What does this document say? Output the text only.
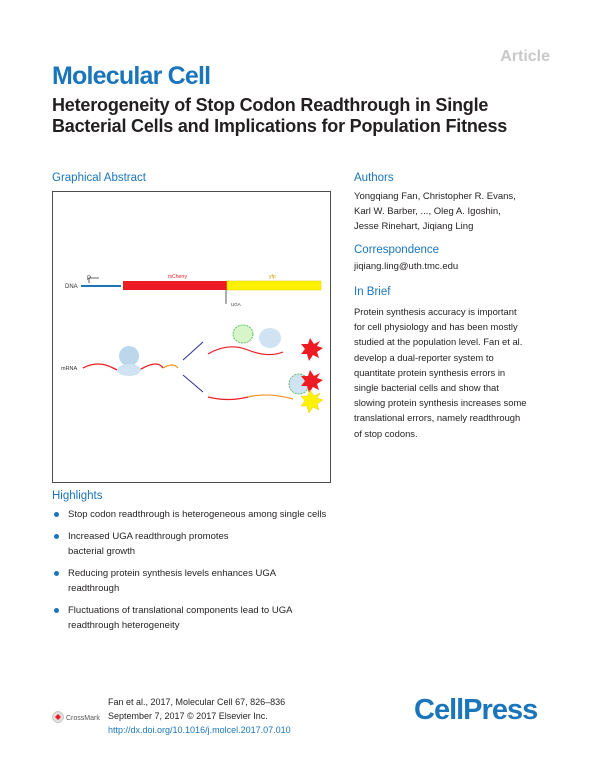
Article
Molecular Cell
Heterogeneity of Stop Codon Readthrough in Single Bacterial Cells and Implications for Population Fitness
Graphical Abstract
DNA
P	mCherry	yfp
UGA
mRNA
Authors
Yongqiang Fan, Christopher R. Evans,
Karl W. Barber, ..., Oleg A. Igoshin,
Jesse Rinehart, Jiqiang Ling
Correspondence
jiqiang.ling@uth.tmc.edu
In Brief
Protein synthesis accuracy is important
for cell physiology and has been mostly
studied at the population level. Fan et al.
develop a dual-reporter system to
quantitate protein synthesis errors in
single bacterial cells and show that
slowing protein synthesis increases some
translational errors, namely readthrough
of stop codons.
Highlights
Stop codon readthrough is heterogeneous among single cells
Increased UGA readthrough promotes bacterial growth
Reducing protein synthesis levels enhances UGA readthrough
Fluctuations of translational components lead to UGA readthrough heterogeneity
CrossMark
Fan et al., 2017, Molecular Cell 67, 826–836
September 7, 2017 © 2017 Elsevier Inc.
http://dx.doi.org/10.1016/j.molcel.2017.07.010
CellPress
